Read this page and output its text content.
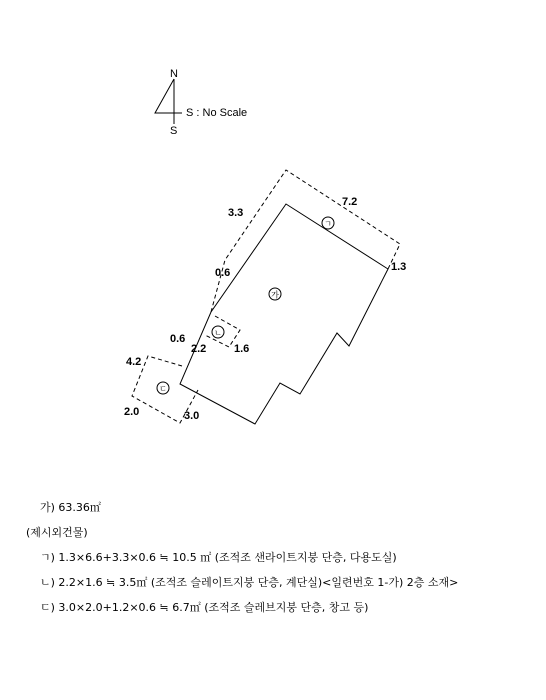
N
S
S : No Scale
가
ㄱ
ㄴ
ㄷ
3.3
7.2
1.3
0.6
0.6
2.2	1.6
4.2
2.0	3.0
가) 63.36㎡
(제시외건물)
ㄱ) 1.3×6.6+3.3×0.6 ≒ 10.5 ㎡ (조적조 샌라이트지붕 단층, 다용도실)
ㄴ) 2.2×1.6 ≒ 3.5㎡ (조적조 슬레이트지붕 단층, 계단실)<일련번호 1-가) 2층 소재>
ㄷ) 3.0×2.0+1.2×0.6 ≒ 6.7㎡ (조적조 슬레브지붕 단층, 창고 등)
